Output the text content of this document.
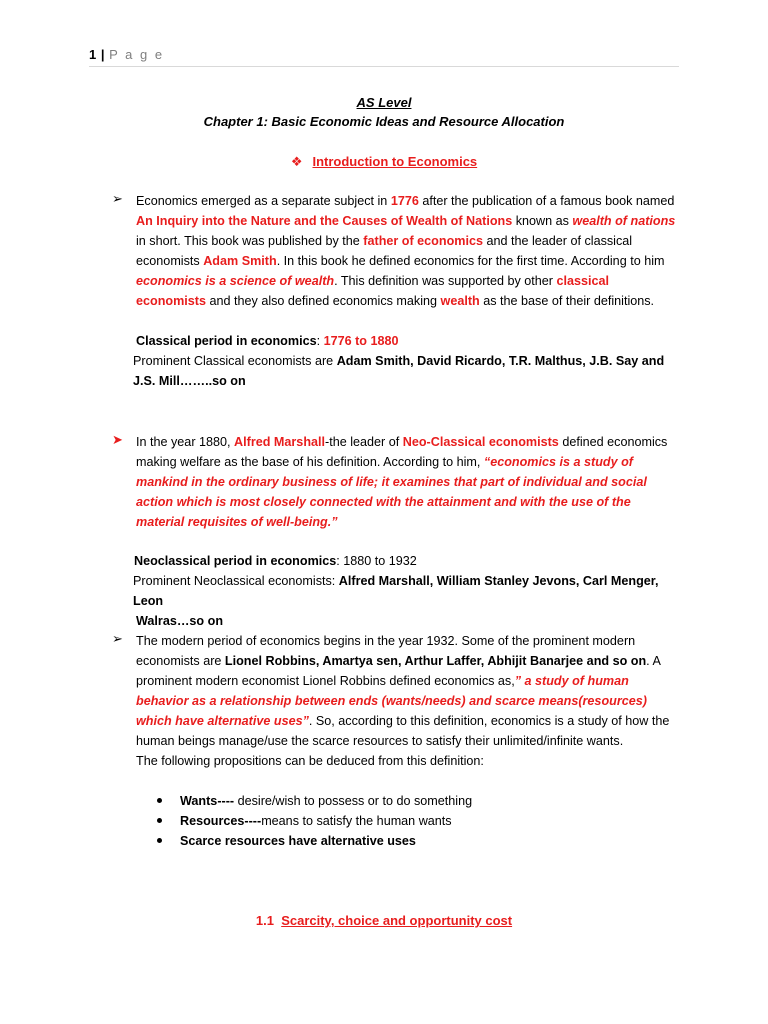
1 | P a g e
AS Level
Chapter 1: Basic Economic Ideas and Resource Allocation
❖ Introduction to Economics
➢ Economics emerged as a separate subject in 1776 after the publication of a famous book named An Inquiry into the Nature and the Causes of Wealth of Nations known as wealth of nations in short. This book was published by the father of economics and the leader of classical economists Adam Smith. In this book he defined economics for the first time. According to him economics is a science of wealth. This definition was supported by other classical economists and they also defined economics making wealth as the base of their definitions.
Classical period in economics: 1776 to 1880
Prominent Classical economists are Adam Smith, David Ricardo, T.R. Malthus, J.B. Say and
J.S. Mill……..so on
➤ In the year 1880, Alfred Marshall-the leader of Neo-Classical economists defined economics making welfare as the base of his definition. According to him, “economics is a study of mankind in the ordinary business of life; it examines that part of individual and social action which is most closely connected with the attainment and with the use of the material requisites of well-being.”
Neoclassical period in economics: 1880 to 1932
Prominent Neoclassical economists: Alfred Marshall, William Stanley Jevons, Carl Menger, Leon
Walras…so on
➢ The modern period of economics begins in the year 1932. Some of the prominent modern economists are Lionel Robbins, Amartya sen, Arthur Laffer, Abhijit Banarjee and so on. A prominent modern economist Lionel Robbins defined economics as,” a study of human behavior as a relationship between ends (wants/needs) and scarce means(resources) which have alternative uses”. So, according to this definition, economics is a study of how the human beings manage/use the scarce resources to satisfy their unlimited/infinite wants.
The following propositions can be deduced from this definition:
Wants---- desire/wish to possess or to do something
Resources----means to satisfy the human wants
Scarce resources have alternative uses
1.1 Scarcity, choice and opportunity cost
